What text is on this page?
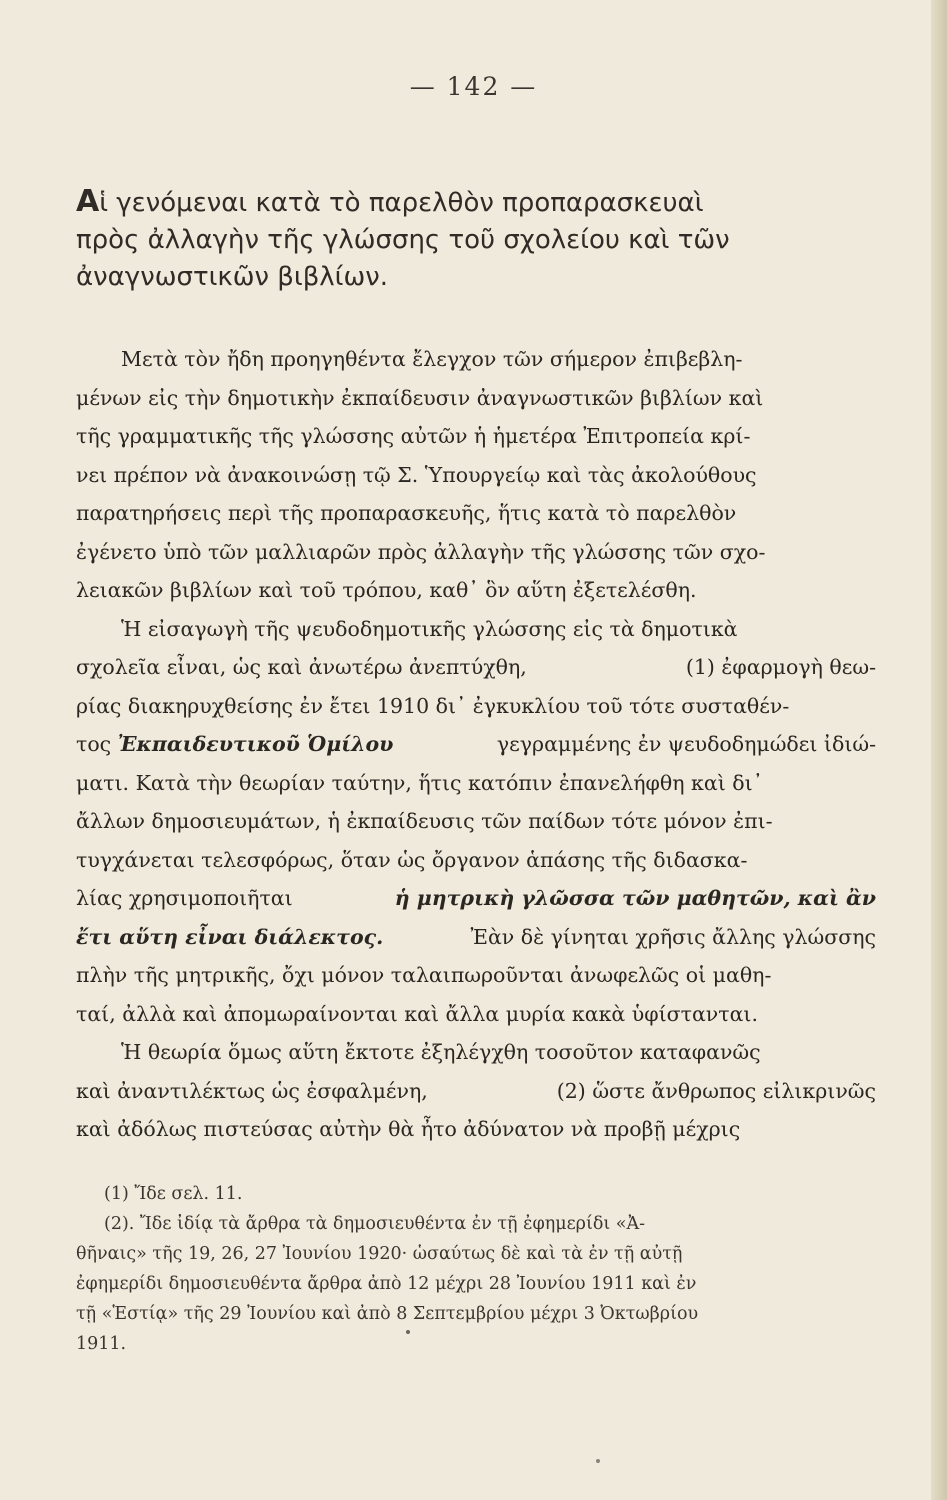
— 142 —
Αἱ γενόμεναι κατὰ τὸ παρελθὸν προπαρασκευαὶ
πρὸς ἀλλαγὴν τῆς γλώσσης τοῦ σχολείου καὶ τῶν
ἀναγνωστικῶν βιβλίων.
Μετὰ τὸν ἤδη προηγηθέντα ἔλεγχον τῶν σήμερον ἐπιβεβλη-
μένων εἰς τὴν δημοτικὴν ἐκπαίδευσιν ἀναγνωστικῶν βιβλίων καὶ
τῆς γραμματικῆς τῆς γλώσσης αὐτῶν ἡ ἡμετέρα Ἐπιτροπεία κρί-
νει πρέπον νὰ ἀνακοινώσῃ τῷ Σ. Ὑπουργείῳ καὶ τὰς ἀκολούθους
παρατηρήσεις περὶ τῆς προπαρασκευῆς, ἥτις κατὰ τὸ παρελθὸν
ἐγένετο ὑπὸ τῶν μαλλιαρῶν πρὸς ἀλλαγὴν τῆς γλώσσης τῶν σχο-
λειακῶν βιβλίων καὶ τοῦ τρόπου, καθ᾽ ὃν αὕτη ἐξετελέσθη.
Ἡ εἰσαγωγὴ τῆς ψευδοδημοτικῆς γλώσσης εἰς τὰ δημοτικὰ
σχολεῖα εἶναι, ὡς καὶ ἀνωτέρω ἀνεπτύχθη,	(1) ἐφαρμογὴ θεω-
ρίας διακηρυχθείσης ἐν ἔτει 1910 δι᾽ ἐγκυκλίου τοῦ τότε συσταθέν-
τος Ἐκπαιδευτικοῦ Ὁμίλου	γεγραμμένης ἐν ψευδοδημώδει ἰδιώ-
ματι. Κατὰ τὴν θεωρίαν ταύτην, ἥτις κατόπιν ἐπανελήφθη καὶ δι᾽
ἄλλων δημοσιευμάτων, ἡ ἐκπαίδευσις τῶν παίδων τότε μόνον ἐπι-
τυγχάνεται τελεσφόρως, ὅταν ὡς ὄργανον ἁπάσης τῆς διδασκα-
λίας χρησιμοποιῆται	ἡ μητρικὴ γλῶσσα τῶν μαθητῶν, καὶ ἂν
ἔτι αὕτη εἶναι διάλεκτος.	Ἐὰν δὲ γίνηται χρῆσις ἄλλης γλώσσης
πλὴν τῆς μητρικῆς, ὄχι μόνον ταλαιπωροῦνται ἀνωφελῶς οἱ μαθη-
ταί, ἀλλὰ καὶ ἀπομωραίνονται καὶ ἄλλα μυρία κακὰ ὑφίστανται.
Ἡ θεωρία ὅμως αὕτη ἔκτοτε ἐξηλέγχθη τοσοῦτον καταφανῶς
καὶ ἀναντιλέκτως ὡς ἐσφαλμένη,	(2) ὥστε ἄνθρωπος εἰλικρινῶς
καὶ ἀδόλως πιστεύσας αὐτὴν θὰ ἦτο ἀδύνατον νὰ προβῇ μέχρις
(1) Ἴδε σελ. 11.
(2). Ἴδε ἰδίᾳ τὰ ἄρθρα τὰ δημοσιευθέντα ἐν τῇ ἐφημερίδι «Ἀ-
θῆναις» τῆς 19, 26, 27 Ἰουνίου 1920· ὡσαύτως δὲ καὶ τὰ ἐν τῇ αὐτῇ
ἐφημερίδι δημοσιευθέντα ἄρθρα ἀπὸ 12 μέχρι 28 Ἰουνίου 1911 καὶ ἐν
τῇ «Ἑστίᾳ» τῆς 29 Ἰουνίου καὶ ἀπὸ 8 Σεπτεμβρίου μέχρι 3 Ὀκτωβρίου
1911.
